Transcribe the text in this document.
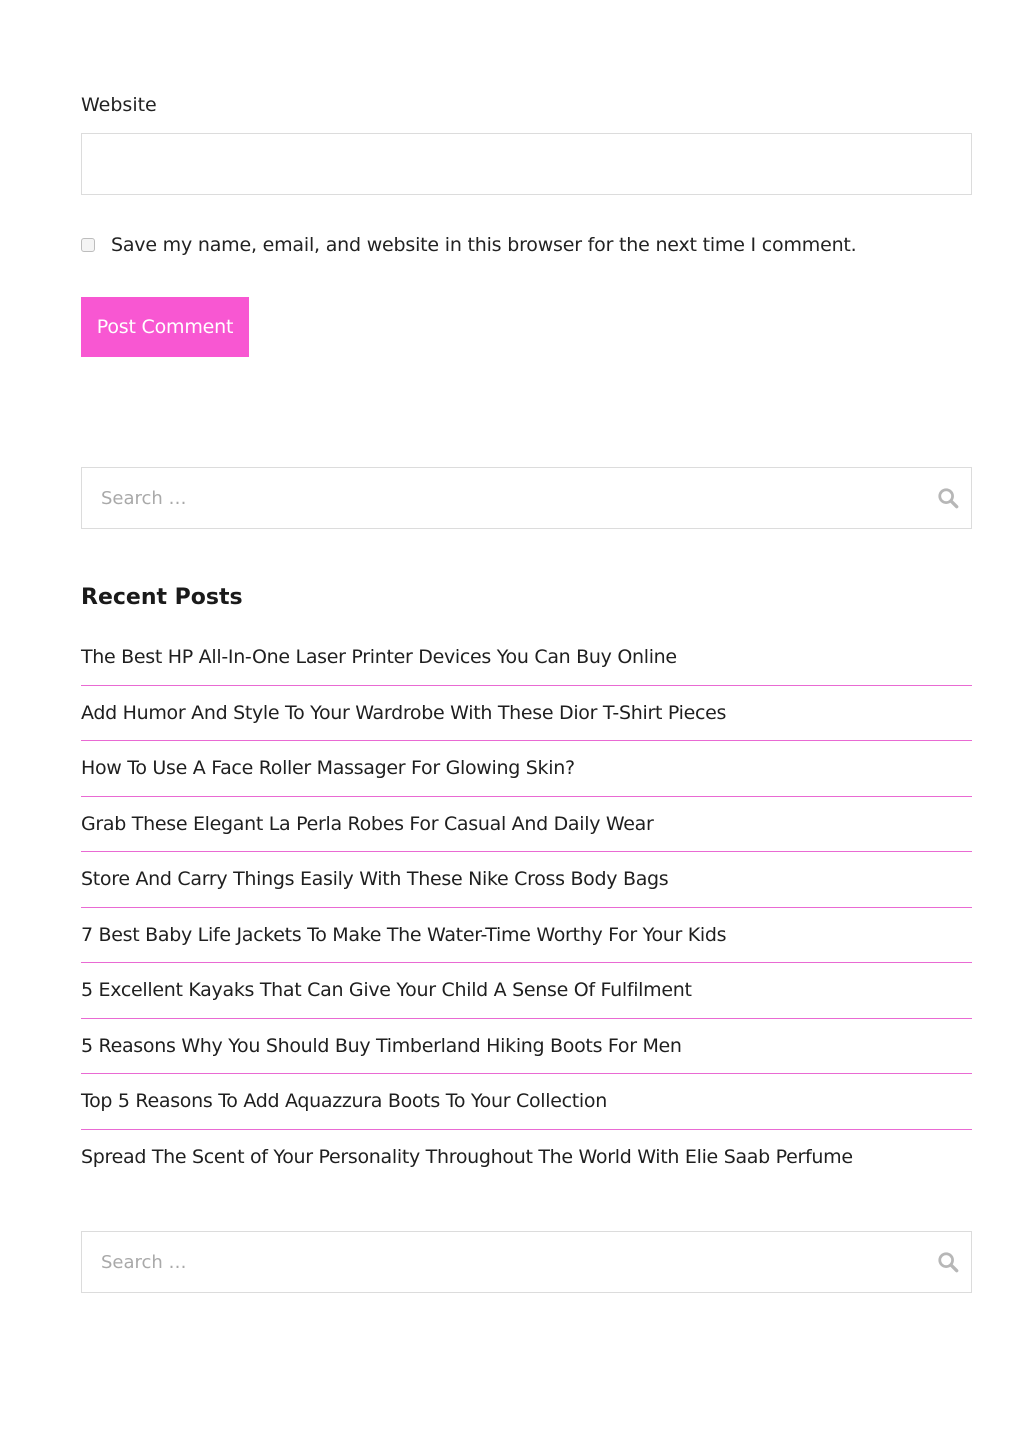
Website
Save my name, email, and website in this browser for the next time I comment.
Post Comment
Search …
Recent Posts
The Best HP All-In-One Laser Printer Devices You Can Buy Online
Add Humor And Style To Your Wardrobe With These Dior T-Shirt Pieces
How To Use A Face Roller Massager For Glowing Skin?
Grab These Elegant La Perla Robes For Casual And Daily Wear
Store And Carry Things Easily With These Nike Cross Body Bags
7 Best Baby Life Jackets To Make The Water-Time Worthy For Your Kids
5 Excellent Kayaks That Can Give Your Child A Sense Of Fulfilment
5 Reasons Why You Should Buy Timberland Hiking Boots For Men
Top 5 Reasons To Add Aquazzura Boots To Your Collection
Spread The Scent of Your Personality Throughout The World With Elie Saab Perfume
Search …
